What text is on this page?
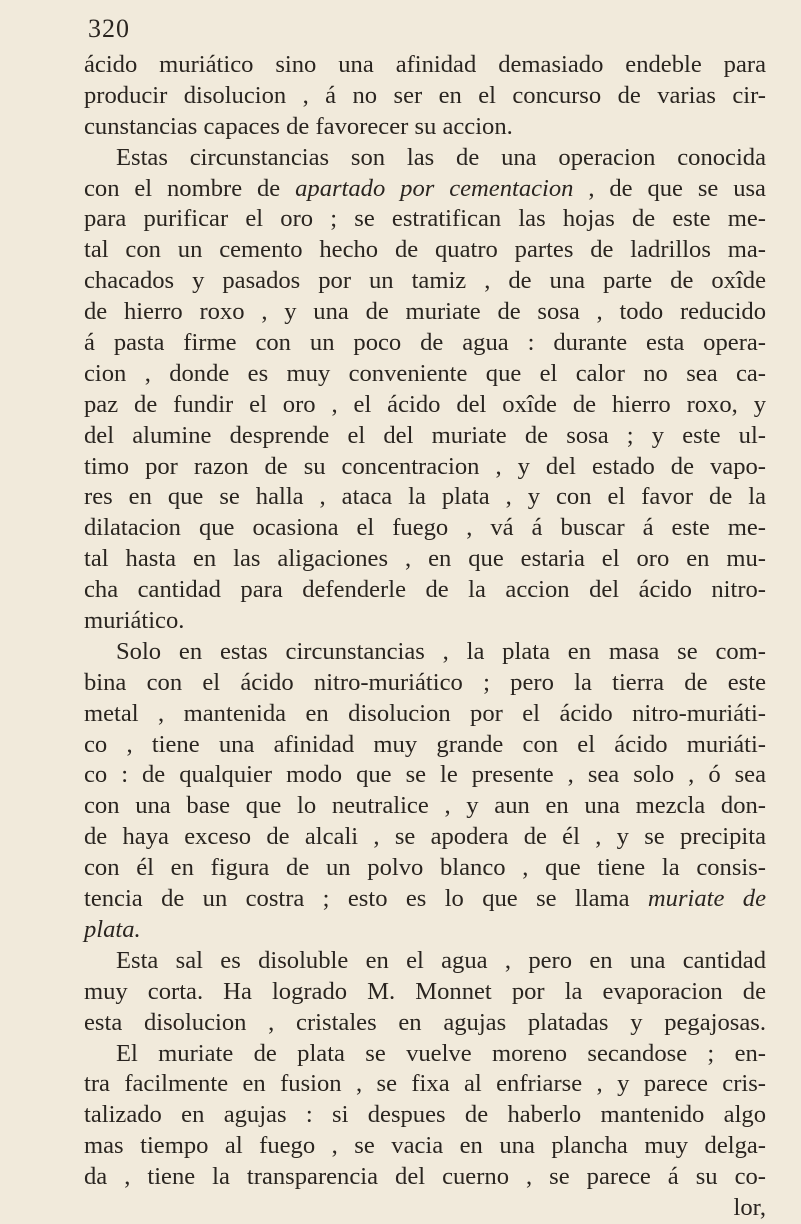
320
ácido muriático sino una afinidad demasiado endeble para
producir disolucion , á no ser en el concurso de varias cir-
cunstancias capaces de favorecer su accion.
Estas circunstancias son las de una operacion conocida
con el nombre de apartado por cementacion , de que se usa
para purificar el oro ; se estratifican las hojas de este me-
tal con un cemento hecho de quatro partes de ladrillos ma-
chacados y pasados por un tamiz , de una parte de oxîde
de hierro roxo , y una de muriate de sosa , todo reducido
á pasta firme con un poco de agua : durante esta opera-
cion , donde es muy conveniente que el calor no sea ca-
paz de fundir el oro , el ácido del oxîde de hierro roxo, y
del alumine desprende el del muriate de sosa ; y este ul-
timo por razon de su concentracion , y del estado de vapo-
res en que se halla , ataca la plata , y con el favor de la
dilatacion que ocasiona el fuego , vá á buscar á este me-
tal hasta en las aligaciones , en que estaria el oro en mu-
cha cantidad para defenderle de la accion del ácido nitro-
muriático.
Solo en estas circunstancias , la plata en masa se com-
bina con el ácido nitro-muriático ; pero la tierra de este
metal , mantenida en disolucion por el ácido nitro-muriáti-
co , tiene una afinidad muy grande con el ácido muriáti-
co : de qualquier modo que se le presente , sea solo , ó sea
con una base que lo neutralice , y aun en una mezcla don-
de haya exceso de alcali , se apodera de él , y se precipita
con él en figura de un polvo blanco , que tiene la consis-
tencia de un costra ; esto es lo que se llama muriate de
plata.
Esta sal es disoluble en el agua , pero en una cantidad
muy corta. Ha logrado M. Monnet por la evaporacion de
esta disolucion , cristales en agujas platadas y pegajosas.
El muriate de plata se vuelve moreno secandose ; en-
tra facilmente en fusion , se fixa al enfriarse , y parece cris-
talizado en agujas : si despues de haberlo mantenido algo
mas tiempo al fuego , se vacia en una plancha muy delga-
da , tiene la transparencia del cuerno , se parece á su co-
lor,
